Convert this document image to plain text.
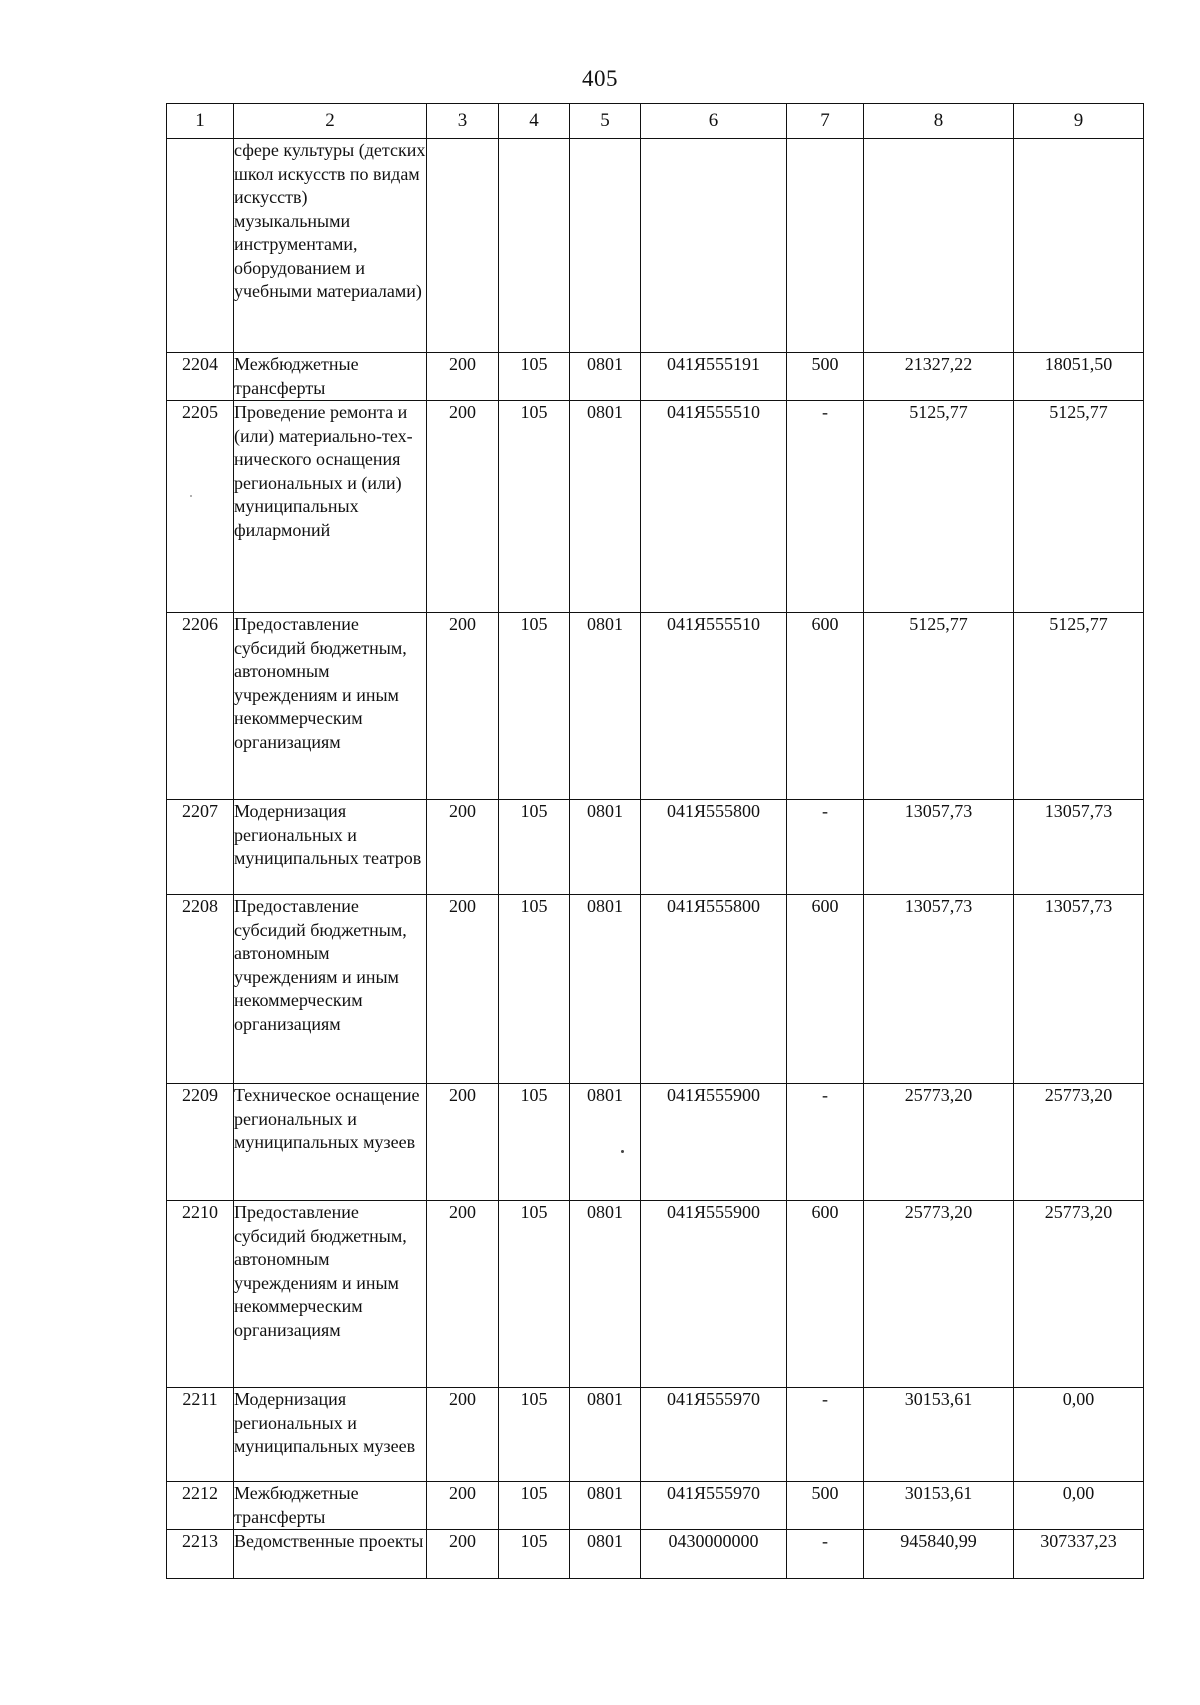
405
1	2	3	4	5	6	7	8	9
	сфере культуры (детских школ искусств по видам искусств) музыкальными инструментами, оборудованием и учебными материалами)							
2204	Межбюджетные трансферты	200	105	0801	041Я555191	500	21327,22	18051,50
2205	Проведение ремонта и (или) материально-тех-нического оснащения региональных и (или) муниципальных филармоний	200	105	0801	041Я555510	-	5125,77	5125,77
2206	Предоставление субсидий бюджетным, автономным учреждениям и иным некоммерческим организациям	200	105	0801	041Я555510	600	5125,77	5125,77
2207	Модернизация региональных и муниципальных театров	200	105	0801	041Я555800	-	13057,73	13057,73
2208	Предоставление субсидий бюджетным, автономным учреждениям и иным некоммерческим организациям	200	105	0801	041Я555800	600	13057,73	13057,73
2209	Техническое оснащение региональных и муниципальных музеев	200	105	0801	041Я555900	-	25773,20	25773,20
2210	Предоставление субсидий бюджетным, автономным учреждениям и иным некоммерческим организациям	200	105	0801	041Я555900	600	25773,20	25773,20
2211	Модернизация региональных и муниципальных музеев	200	105	0801	041Я555970	-	30153,61	0,00
2212	Межбюджетные трансферты	200	105	0801	041Я555970	500	30153,61	0,00
2213	Ведомственные проекты	200	105	0801	0430000000	-	945840,99	307337,23
